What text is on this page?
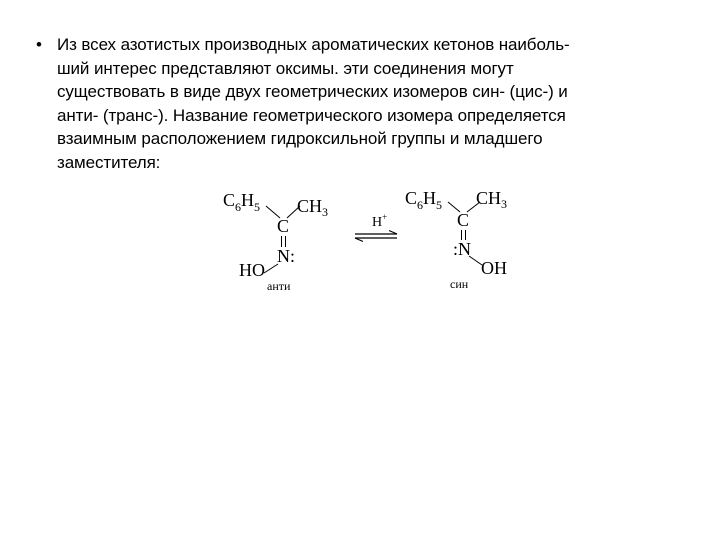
• Из всех азотистых производных ароматических кетонов наиболь-
ший интерес представляют оксимы. эти соединения могут
существовать в виде двух геометрических изомеров син- (цис-) и
анти- (транс-). Название геометрического изомера определяется
взаимным расположением гидроксильной группы и младшего
заместителя:
$C_6H_5$ $CH_3$
C
N:
HO
анти
H+
$C_6H_5$ $CH_3$
C
:N
OH
син
